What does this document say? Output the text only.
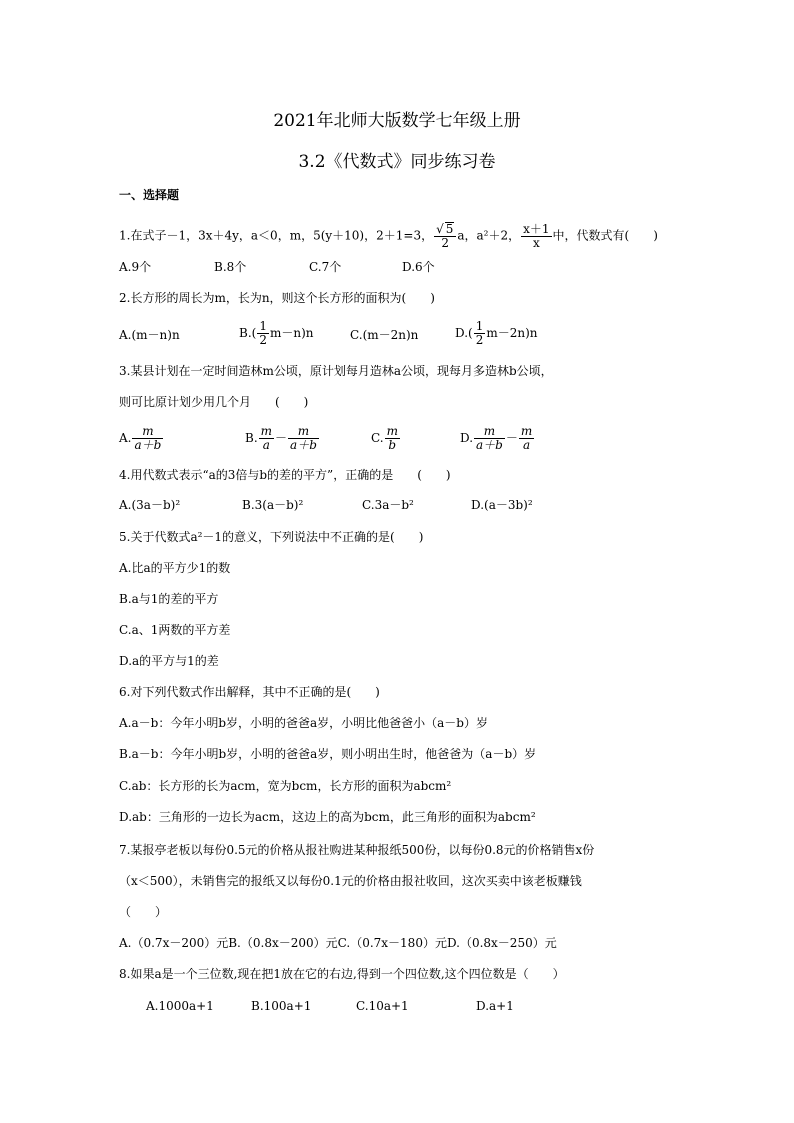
2021年北师大版数学七年级上册
3.2《代数式》同步练习卷
一、选择题
1.在式子－1，3x＋4y，a＜0，m，5(y＋10)，2＋1=3， $\frac{√ 5}{2}$ a，a²＋2， $\frac{x+1}{x}$ 中，代数式有(　　)
A.9个	B.8个	C.7个	D.6个
2.长方形的周长为m，长为n，则这个长方形的面积为(　　)
A.(m－n)n	$B.( \frac{1}{2} m-n)n$	C.(m－2n)n	$D.( \frac{1}{2} m-2n)n$
3.某县计划在一定时间造林m公顷，原计划每月造林a公顷，现每月多造林b公顷，
则可比原计划少用几个月　　(　　)
A. $\frac{m}{a+b}$	B. $\frac{m}{a} - \frac{m}{a+b}$	C. $\frac{m}{b}$	D. $\frac{m}{a+b} - \frac{m}{a}$
4.用代数式表示“a的3倍与b的差的平方”，正确的是　　(　　)
A.(3a－b)²	B.3(a－b)²	C.3a－b²	D.(a－3b)²
5.关于代数式a²－1的意义，下列说法中不正确的是(　　)
A.比a的平方少1的数
B.a与1的差的平方
C.a、1两数的平方差
D.a的平方与1的差
6.对下列代数式作出解释，其中不正确的是(　　)
A.a－b：今年小明b岁，小明的爸爸a岁，小明比他爸爸小（a－b）岁
B.a－b：今年小明b岁，小明的爸爸a岁，则小明出生时，他爸爸为（a－b）岁
C.ab：长方形的长为acm，宽为bcm，长方形的面积为abcm²
D.ab：三角形的一边长为acm，这边上的高为bcm，此三角形的面积为abcm²
7.某报亭老板以每份0.5元的价格从报社购进某种报纸500份，以每份0.8元的价格销售x份
（x＜500），未销售完的报纸又以每份0.1元的价格由报社收回，这次买卖中该老板赚钱
（　　）
A.（0.7x－200）元B.（0.8x－200）元C.（0.7x－180）元D.（0.8x－250）元
8.如果a是一个三位数,现在把1放在它的右边,得到一个四位数,这个四位数是（　　）
A.1000a+1	B.100a+1	C.10a+1	D.a+1
